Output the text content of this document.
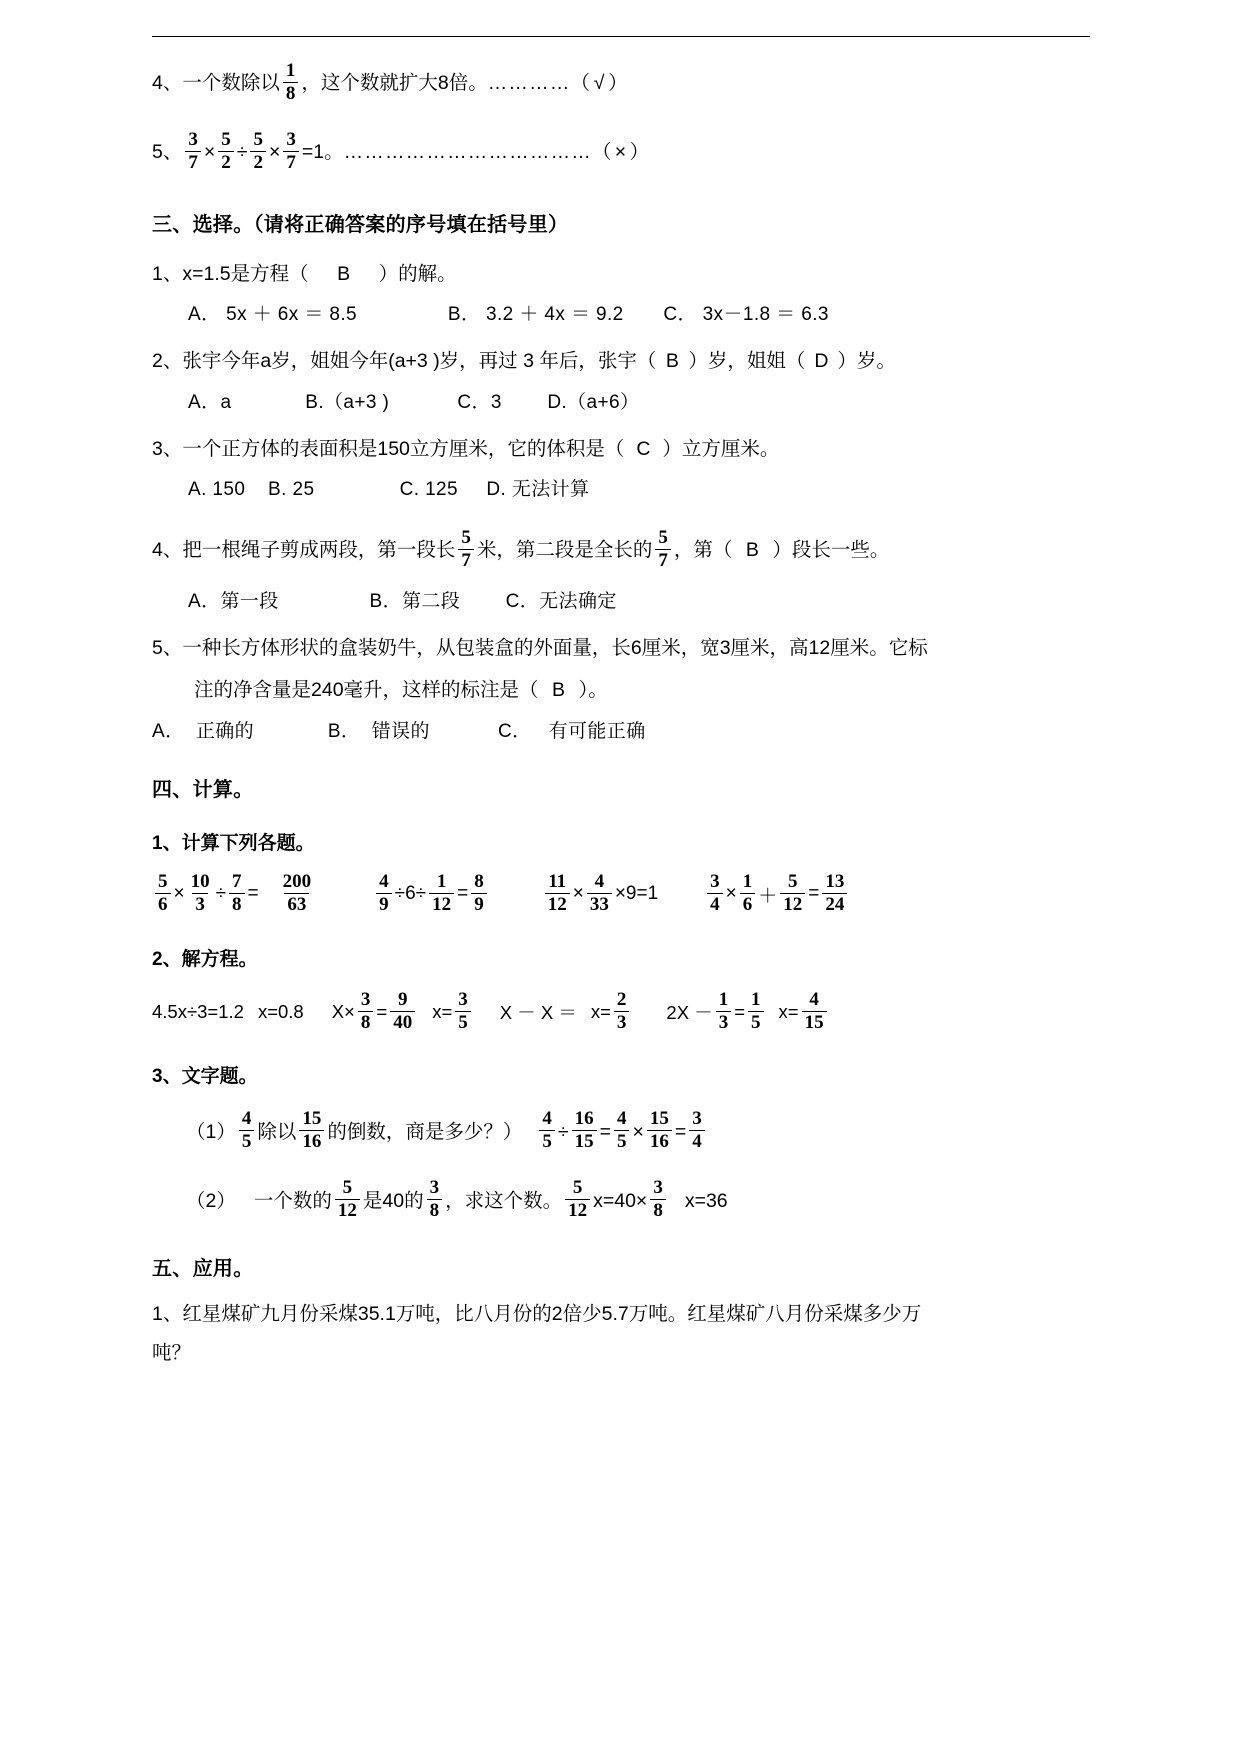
4、 一个数除以 $\frac{1}{8}$ ，这个数就扩大8倍。 ………… （ √ ）
5、 $\frac{3}{7} \times \frac{5}{2} \div \frac{5}{2} \times \frac{3}{7} =1$。 ……………………………… （ × ）
三、选择。（请将正确答案的序号填在括号里）
1、 x=1.5是方程（	B	）的解。
A． 5x ＋ 6x ＝ 8.5                B． 3.2 ＋ 4x ＝ 9.2       C． 3x－1.8 ＝ 6.3
2、 张宇今年a岁，姐姐今年(a+3 )岁，再过 3 年后，张宇（ B ）岁，姐姐（ D ）岁。
A．a             B.（a+3 )            C．3        D.（a+6）
3、 一个正方体的表面积是150立方厘米，它的体积是（ C ）立方厘米。
A. 150    B. 25               C. 125     D. 无法计算
4、 把一根绳子剪成两段，第一段长 $\frac{5}{7}$ 米，第二段是全长的 $\frac{5}{7}$ ，第（ B ）段长一些。
A．第一段                B．第二段        C．无法确定
5、 一种长方体形状的盒装奶牛，从包装盒的外面量，长6厘米，宽3厘米，高12厘米。它标
注的净含量是240毫升，这样的标注是（ B ）。
A．  正确的             B．  错误的            C．   有可能正确
四、计算。
1、计算下列各题。
$\frac{5}{6} \times \frac{10}{3} \div \frac{7}{8} = \frac{200}{63}$	$\frac{4}{9} \div 6\div \frac{1}{12} = \frac{8}{9}$	$\frac{11}{12} \times \frac{4}{33} \times 9=1$	$\frac{3}{4} \times \frac{1}{6} + \frac{5}{12} = \frac{13}{24}$
2、解方程。
4.5x÷3=1.2 x=0.8 $X\times \frac{3}{8} = \frac{9}{40} x= \frac{3}{5}$ $X - X = x= \frac{2}{3} 2X - \frac{1}{3} = \frac{1}{5} x= \frac{4}{15}$
3、文字题。
$(1) \frac{4}{5}$ 除以 $\frac{15}{16}$ 的倒数，商是多少？） $\frac{4}{5} \div \frac{16}{15} = \frac{4}{5} \times \frac{15}{16} = \frac{3}{4}$
（2） 一个数的 $\frac{5}{12}$ 是40的 $\frac{3}{8}$ ，求这个数。 $\frac{5}{12} x=40\times \frac{3}{8} x=36$
五、应用。
1、 红星煤矿九月份采煤35.1万吨，比八月份的2倍少5.7万吨。红星煤矿八月份采煤多少万
吨？
